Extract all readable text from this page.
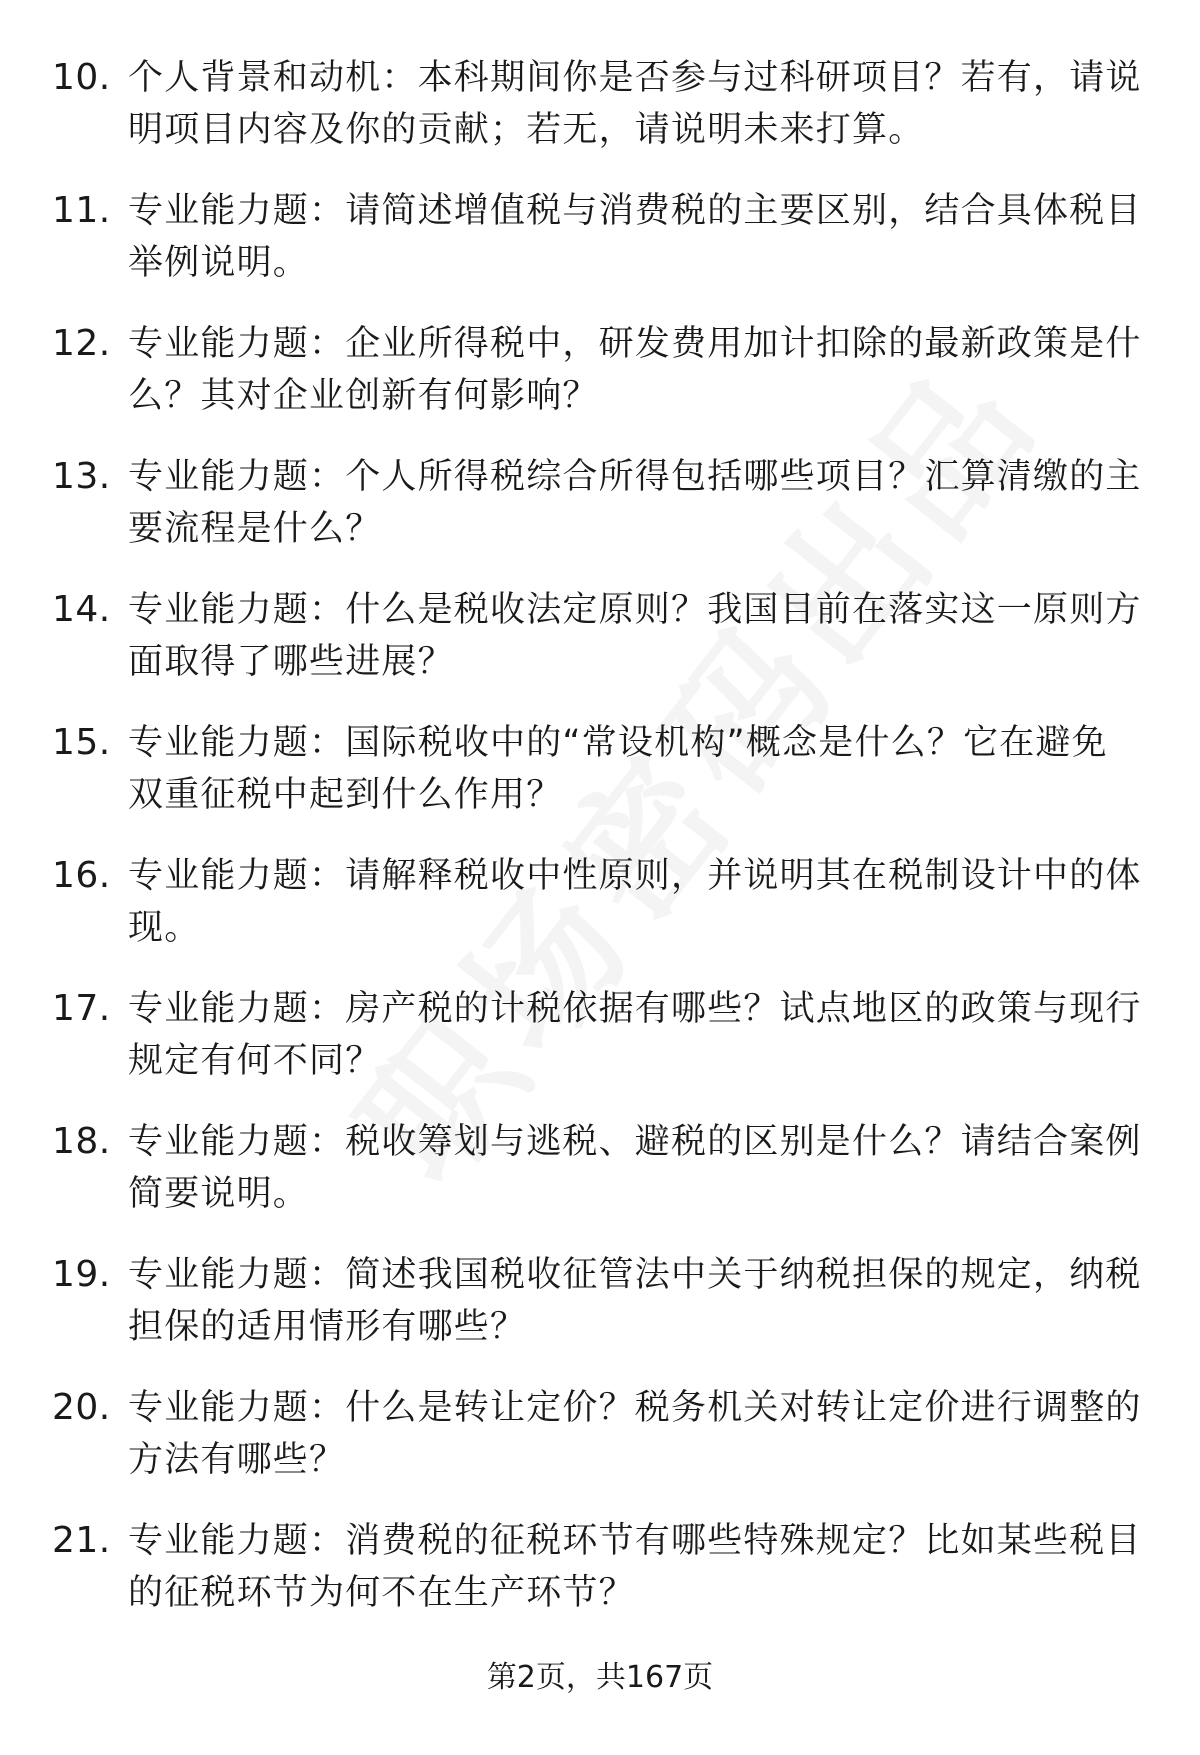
10. 个人背景和动机：本科期间你是否参与过科研项目？若有，请说明项目内容及你的贡献；若无，请说明未来打算。
11. 专业能力题：请简述增值税与消费税的主要区别，结合具体税目举例说明。
12. 专业能力题：企业所得税中，研发费用加计扣除的最新政策是什么？其对企业创新有何影响？
13. 专业能力题：个人所得税综合所得包括哪些项目？汇算清缴的主要流程是什么？
14. 专业能力题：什么是税收法定原则？我国目前在落实这一原则方面取得了哪些进展？
15. 专业能力题：国际税收中的“常设机构”概念是什么？它在避免双重征税中起到什么作用？
16. 专业能力题：请解释税收中性原则，并说明其在税制设计中的体现。
17. 专业能力题：房产税的计税依据有哪些？试点地区的政策与现行规定有何不同？
18. 专业能力题：税收筹划与逃税、避税的区别是什么？请结合案例简要说明。
19. 专业能力题：简述我国税收征管法中关于纳税担保的规定，纳税担保的适用情形有哪些？
20. 专业能力题：什么是转让定价？税务机关对转让定价进行调整的方法有哪些？
21. 专业能力题：消费税的征税环节有哪些特殊规定？比如某些税目的征税环节为何不在生产环节？
第2页，共167页
